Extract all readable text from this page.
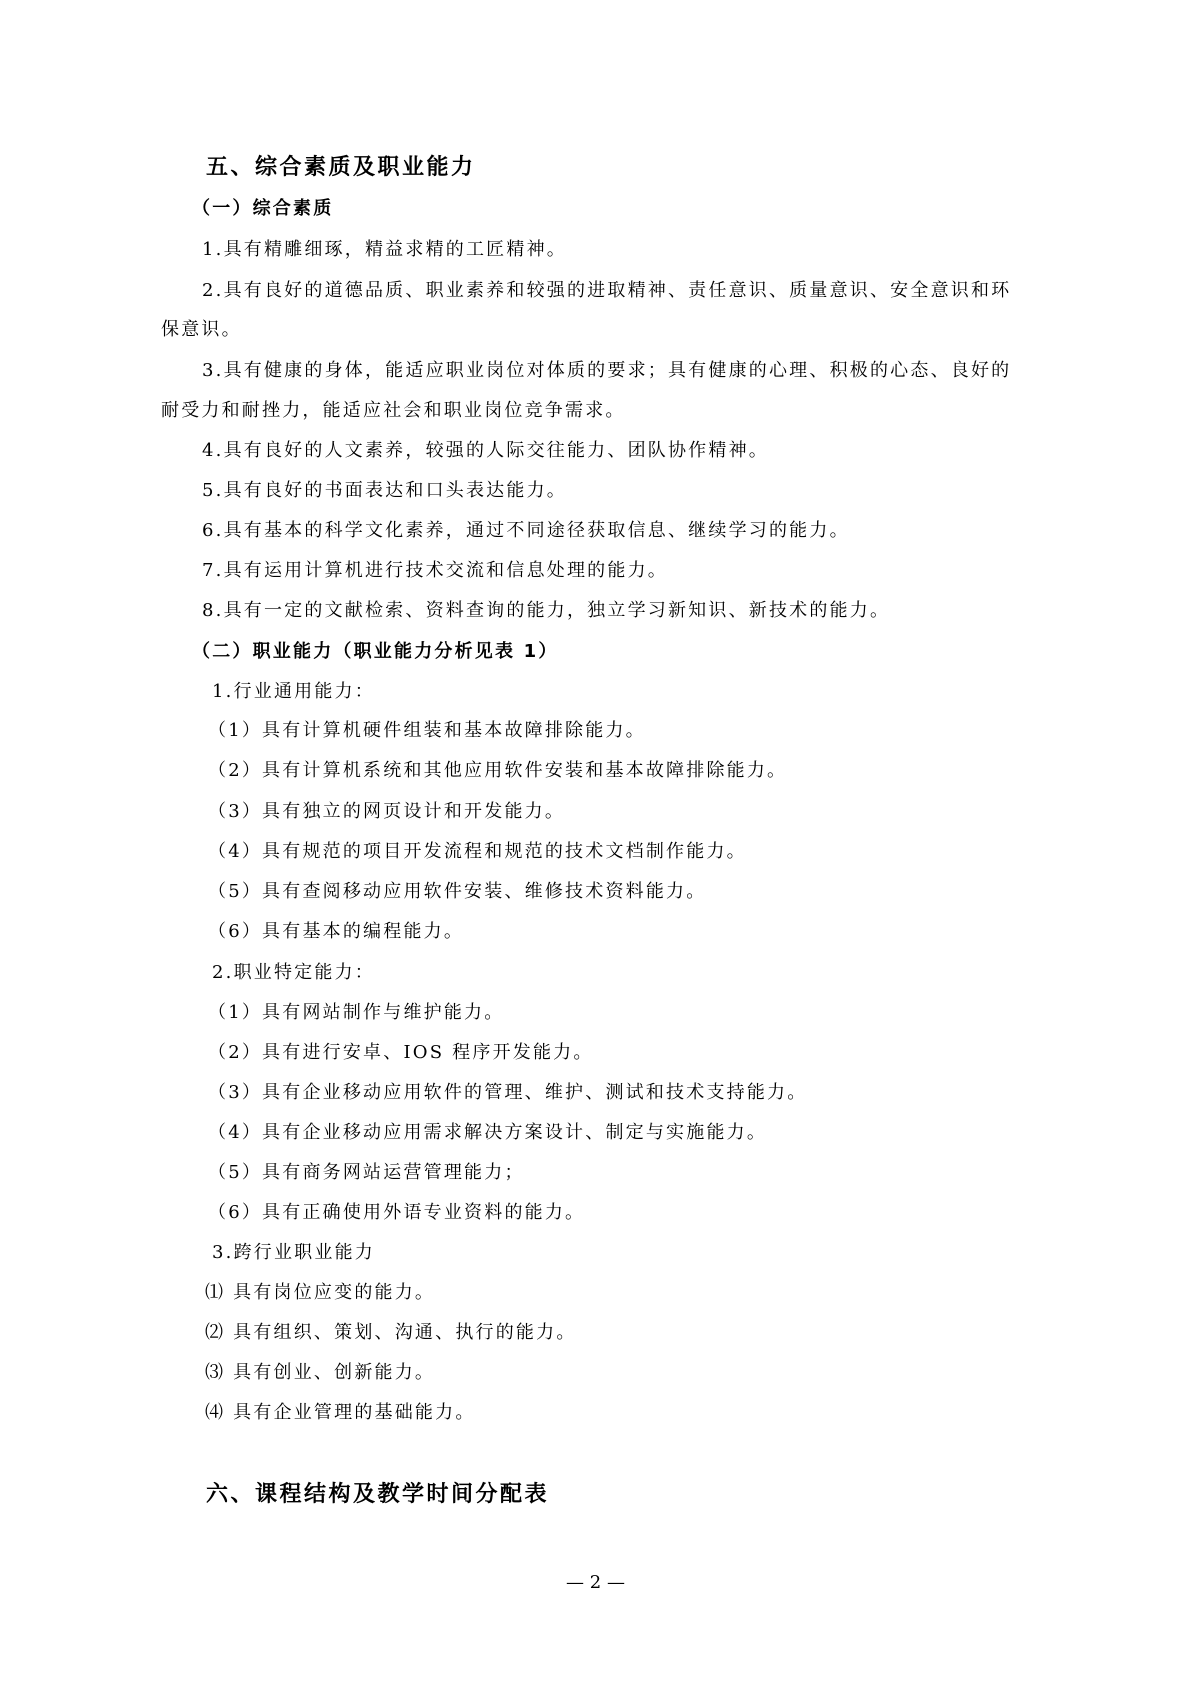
五、综合素质及职业能力
（一）综合素质
1.具有精雕细琢，精益求精的工匠精神。
2.具有良好的道德品质、职业素养和较强的进取精神、责任意识、质量意识、安全意识和环
保意识。
3.具有健康的身体，能适应职业岗位对体质的要求；具有健康的心理、积极的心态、良好的
耐受力和耐挫力，能适应社会和职业岗位竞争需求。
4.具有良好的人文素养，较强的人际交往能力、团队协作精神。
5.具有良好的书面表达和口头表达能力。
6.具有基本的科学文化素养，通过不同途径获取信息、继续学习的能力。
7.具有运用计算机进行技术交流和信息处理的能力。
8.具有一定的文献检索、资料查询的能力，独立学习新知识、新技术的能力。
（二）职业能力（职业能力分析见表 1）
1.行业通用能力：
（1）具有计算机硬件组装和基本故障排除能力。
（2）具有计算机系统和其他应用软件安装和基本故障排除能力。
（3）具有独立的网页设计和开发能力。
（4）具有规范的项目开发流程和规范的技术文档制作能力。
（5）具有查阅移动应用软件安装、维修技术资料能力。
（6）具有基本的编程能力。
2.职业特定能力：
（1）具有网站制作与维护能力。
（2）具有进行安卓、IOS 程序开发能力。
（3）具有企业移动应用软件的管理、维护、测试和技术支持能力。
（4）具有企业移动应用需求解决方案设计、制定与实施能力。
（5）具有商务网站运营管理能力；
（6）具有正确使用外语专业资料的能力。
3.跨行业职业能力
⑴ 具有岗位应变的能力。
⑵ 具有组织、策划、沟通、执行的能力。
⑶ 具有创业、创新能力。
⑷ 具有企业管理的基础能力。
六、课程结构及教学时间分配表
— 2 —
